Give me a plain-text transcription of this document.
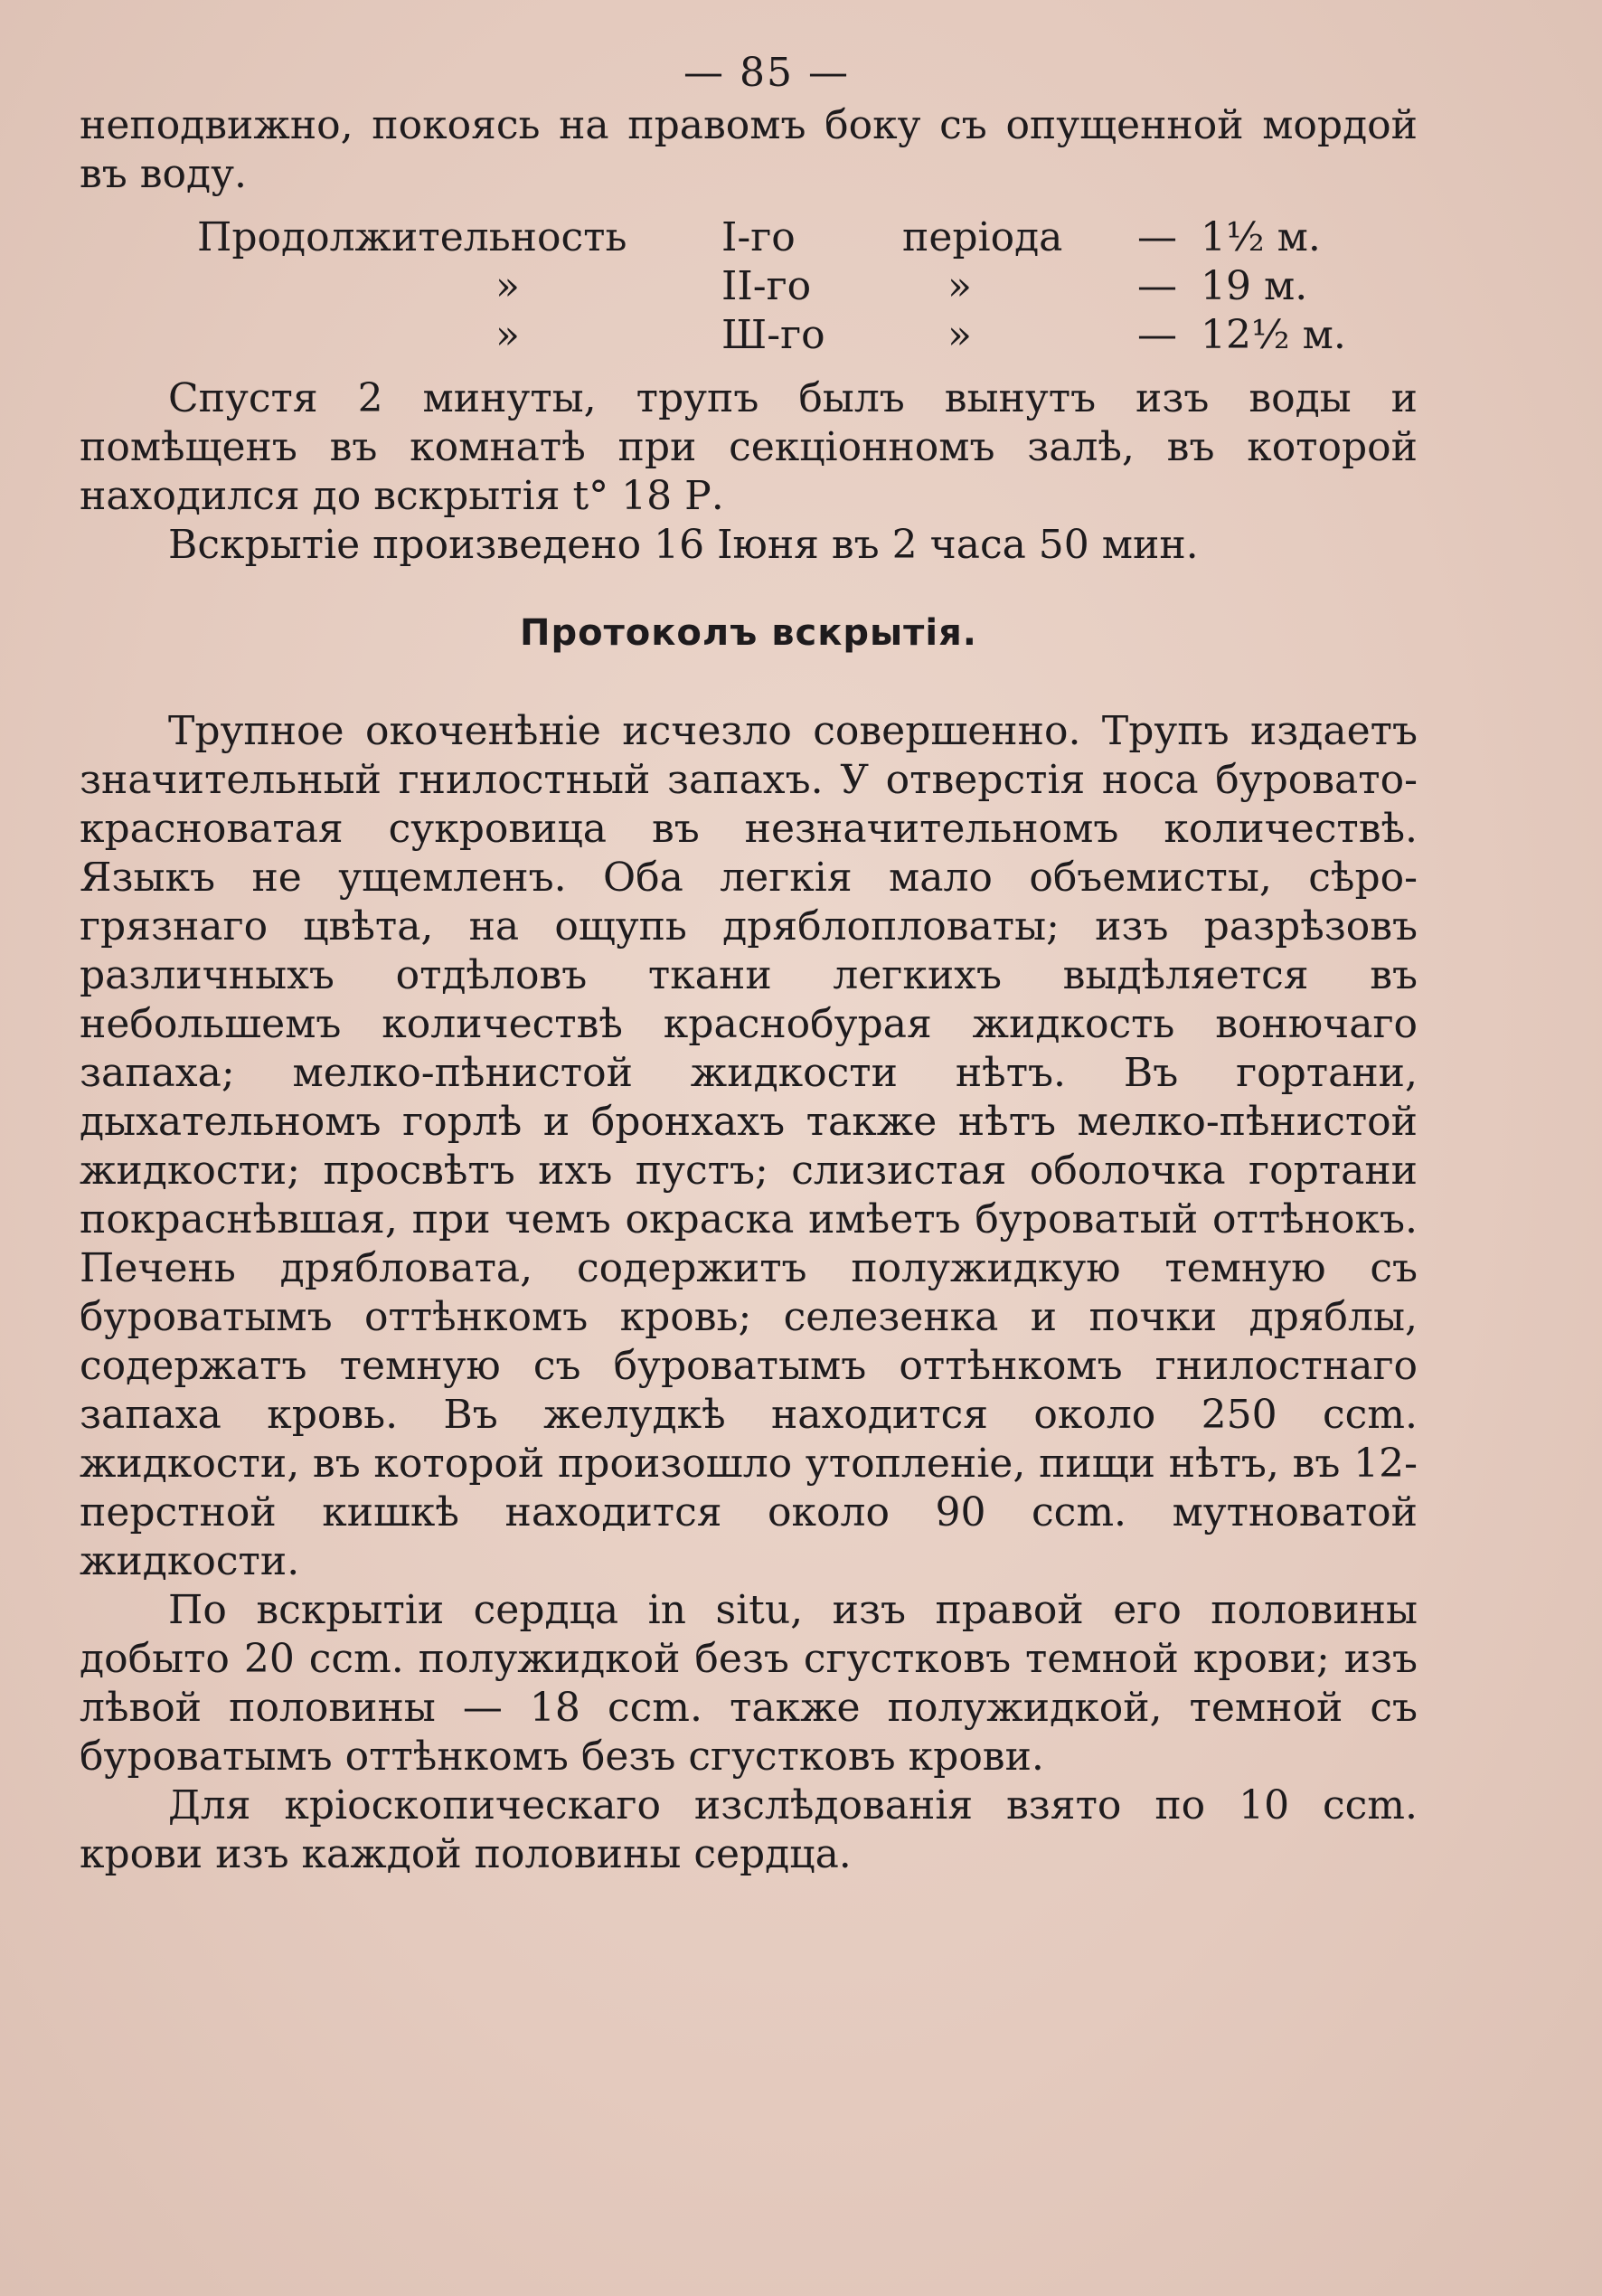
— 85 —

неподвижно, покоясь на правомъ боку съ опущенной мордой въ воду.

Продолжительность	I-го	періода	—	1½ м.
»	II-го	»	—	19 м.
»	Ш-го	»	—	12½ м.

Спустя 2 минуты, трупъ былъ вынутъ изъ воды и помѣщенъ въ комнатѣ при секціонномъ залѣ, въ которой находился до вскрытія t° 18 Р.

Вскрытіе произведено 16 Іюня въ 2 часа 50 мин.

Протоколъ вскрытія.

Трупное окоченѣніе исчезло совершенно. Трупъ издаетъ значительный гнилостный запахъ. У отверстія носа буровато-красноватая сукровица въ незначительномъ количествѣ. Языкъ не ущемленъ. Оба легкія мало объемисты, сѣро-грязнаго цвѣта, на ощупь дряблопловаты; изъ разрѣзовъ различныхъ отдѣловъ ткани легкихъ выдѣляется въ небольшемъ количествѣ краснобурая жидкость вонючаго запаха; мелко-пѣнистой жидкости нѣтъ. Въ гортани, дыхательномъ горлѣ и бронхахъ также нѣтъ мелко-пѣнистой жидкости; просвѣтъ ихъ пустъ; слизистая оболочка гортани покраснѣвшая, при чемъ окраска имѣетъ буроватый оттѣнокъ. Печень дрябловата, содержитъ полужидкую темную съ буроватымъ оттѣнкомъ кровь; селезенка и почки дряблы, содержатъ темную съ буроватымъ оттѣнкомъ гнилостнаго запаха кровь. Въ желудкѣ находится около 250 ccm. жидкости, въ которой произошло утопленіе, пищи нѣтъ, въ 12-перстной кишкѣ находится около 90 ccm. мутноватой жидкости.

По вскрытіи сердца in situ, изъ правой его половины добыто 20 ccm. полужидкой безъ сгустковъ темной крови; изъ лѣвой половины — 18 ccm. также полужидкой, темной съ буроватымъ оттѣнкомъ безъ сгустковъ крови.

Для кріоскопическаго изслѣдованія взято по 10 ccm. крови изъ каждой половины сердца.
